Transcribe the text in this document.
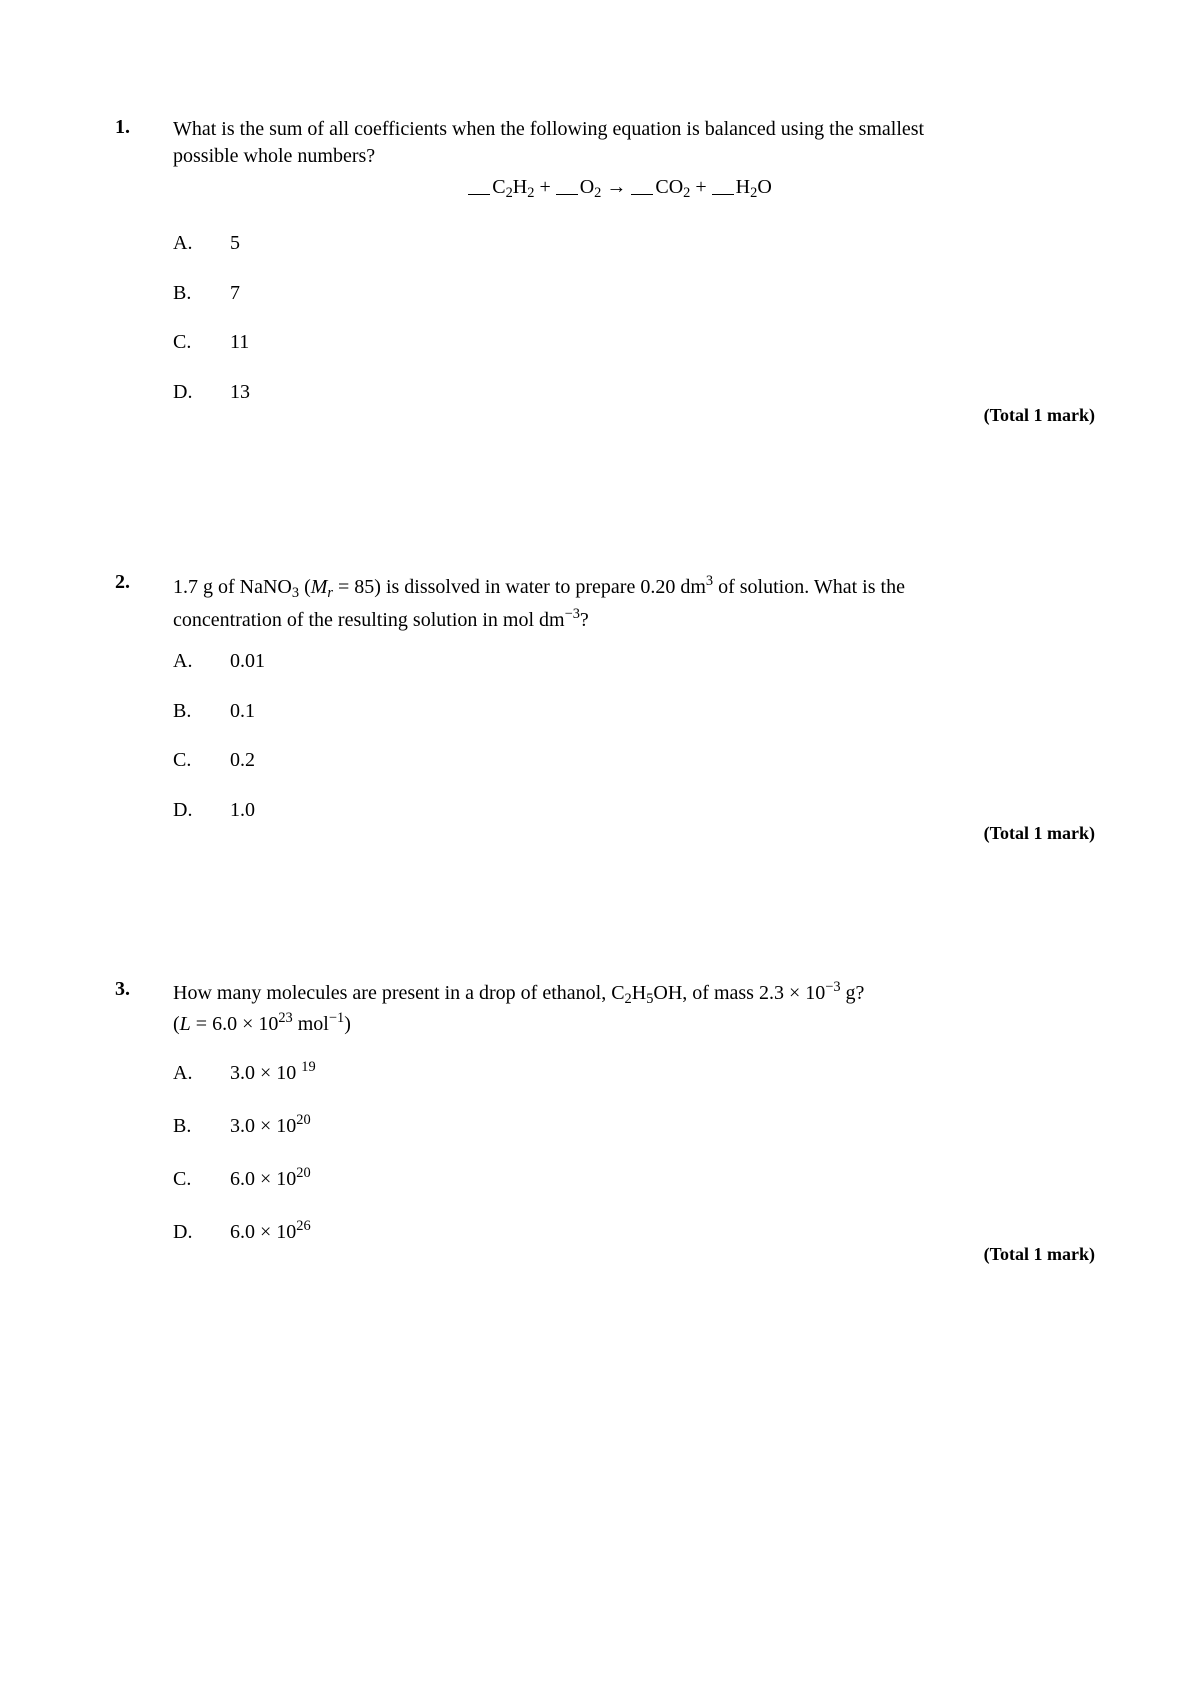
1. What is the sum of all coefficients when the following equation is balanced using the smallest
possible whole numbers?
$C_2H_2 + O_2 \to CO_2 + H_2O$
A.	5
B.	7
C.	11
D.	13
(Total 1 mark)
2. 1.7 g of NaNO$_3$ $(M_r = 85)$ is dissolved in water to prepare 0.20 $dm^3$ of solution. What is the
concentration of the resulting solution in mol $dm^{-3}$?
A.	0.01
B.	0.1
C.	0.2
D.	1.0
(Total 1 mark)
3. How many molecules are present in a drop of ethanol, $C_2H_5OH$, of mass $2.3 \times 10^{-3}$ g?
($L = 6.0 \times 10^{23}$ mol$^{-1}$)
A.	3.0 × 10 $^{19}$
B.	$3.0 \times 10^{20}$
C.	$6.0 \times 10^{20}$
D.	$6.0 \times 10^{26}$
(Total 1 mark)
